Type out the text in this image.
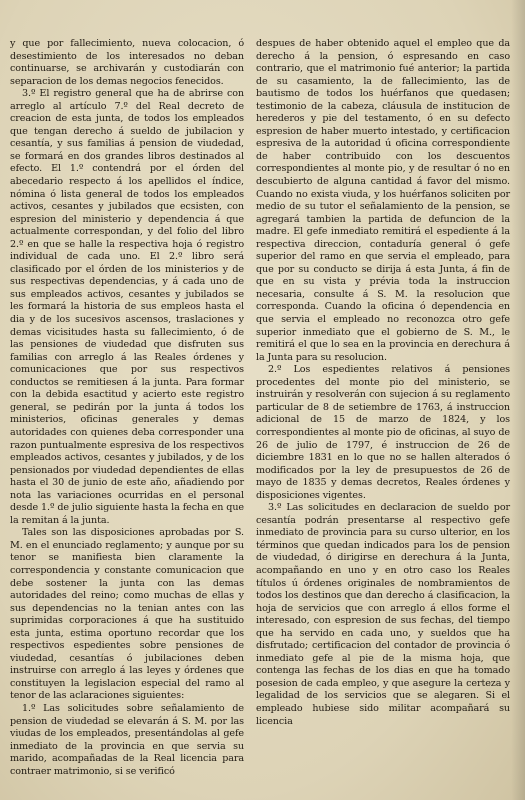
y que por fallecimiento, nueva colocacion, ó desestimiento de los interesados no deban continuarse, se archivarán y custodiarán con separacion de los demas negocios fenecidos.

3.º El registro general que ha de abrirse con arreglo al artículo 7.º del Real decreto de creacion de esta junta, de todos los empleados que tengan derecho á sueldo de jubilacion y cesantía, y sus familias á pension de viudedad, se formará en dos grandes libros destinados al efecto. El 1.º contendrá por el órden del abecedario respecto á los apellidos el índice, nómina ó lista general de todos los empleados activos, cesantes y jubilados que ecsisten, con espresion del ministerio y dependencia á que actualmente correspondan, y del folio del libro 2.º en que se halle la respectiva hoja ó registro individual de cada uno. El 2.º libro será clasificado por el órden de los ministerios y de sus respectivas dependencias, y á cada uno de sus empleados activos, cesantes y jubilados se les formará la historia de sus empleos hasta el dia y de los sucesivos ascensos, traslaciones y demas vicisitudes hasta su fallecimiento, ó de las pensiones de viudedad que disfruten sus familias con arreglo á las Reales órdenes y comunicaciones que por sus respectivos conductos se remitiesen á la junta. Para formar con la debida esactitud y acierto este registro general, se pedirán por la junta á todos los ministerios, oficinas generales y demas autoridades con quienes deba corresponder una razon puntualmente espresiva de los respectivos empleados activos, cesantes y jubilados, y de los pensionados por viudedad dependientes de ellas hasta el 30 de junio de este año, añadiendo por nota las variaciones ocurridas en el personal desde 1.º de julio siguiente hasta la fecha en que la remitan á la junta.

Tales son las disposiciones aprobadas por S. M. en el enunciado reglamento; y aunque por su tenor se manifiesta bien claramente la correspondencia y constante comunicacion que debe sostener la junta con las demas autoridades del reino; como muchas de ellas y sus dependencias no la tenian antes con las suprimidas corporaciones á que ha sustituido esta junta, estima oportuno recordar que los respectivos espedientes sobre pensiones de viudedad, cesantías ó jubilaciones deben instruirse con arreglo á las leyes y órdenes que constituyen la legislacion especial del ramo al tenor de las aclaraciones siguientes:

1.º Las solicitudes sobre señalamiento de pension de viudedad se elevarán á S. M. por las viudas de los empleados, presentándolas al gefe inmediato de la provincia en que servia su marido, acompañadas de la Real licencia para contraer matrimonio, si se verificó

despues de haber obtenido aquel el empleo que da derecho á la pension, ó espresando en caso contrario, que el matrimonio fué anterior; la partida de su casamiento, la de fallecimiento, las de bautismo de todos los huérfanos que quedasen; testimonio de la cabeza, cláusula de institucion de herederos y pie del testamento, ó en su defecto espresion de haber muerto intestado, y certificacion espresiva de la autoridad ú oficina correspondiente de haber contribuido con los descuentos correspondientes al monte pio, y de resultar ó no en descubierto de alguna cantidad á favor del mismo. Cuando no exista viuda, y los huérfanos soliciten por medio de su tutor el señalamiento de la pension, se agregará tambien la partida de defuncion de la madre. El gefe inmediato remitirá el espediente á la respectiva direccion, contaduría general ó gefe superior del ramo en que servia el empleado, para que por su conducto se dirija á esta Junta, á fin de que en su vista y prévia toda la instruccion necesaria, consulte á S. M. la resolucion que corresponda. Cuando la oficina ó dependencia en que servia el empleado no reconozca otro gefe superior inmediato que el gobierno de S. M., le remitirá el que lo sea en la provincia en derechura á la Junta para su resolucion.

2.º Los espedientes relativos á pensiones procedentes del monte pio del ministerio, se instruirán y resolverán con sujecion á su reglamento particular de 8 de setiembre de 1763, á instruccion adicional de 15 de marzo de 1824, y los correspondientes al monte pio de oficinas, al suyo de 26 de julio de 1797, é instruccion de 26 de diciembre 1831 en lo que no se hallen alterados ó modificados por la ley de presupuestos de 26 de mayo de 1835 y demas decretos, Reales órdenes y disposiciones vigentes.

3.º Las solicitudes en declaracion de sueldo por cesantía podrán presentarse al respectivo gefe inmediato de provincia para su curso ulterior, en los términos que quedan indicados para los de pension de viudedad, ó dirigirse en derechura á la Junta, acompañando en uno y en otro caso los Reales títulos ú órdenes originales de nombramientos de todos los destinos que dan derecho á clasificacion, la hoja de servicios que con arreglo á ellos forme el interesado, con espresion de sus fechas, del tiempo que ha servido en cada uno, y sueldos que ha disfrutado; certificacion del contador de provincia ó inmediato gefe al pie de la misma hoja, que contenga las fechas de los dias en que ha tomado posesion de cada empleo, y que asegure la certeza y legalidad de los servicios que se alegaren. Si el empleado hubiese sido militar acompañará su licencia
